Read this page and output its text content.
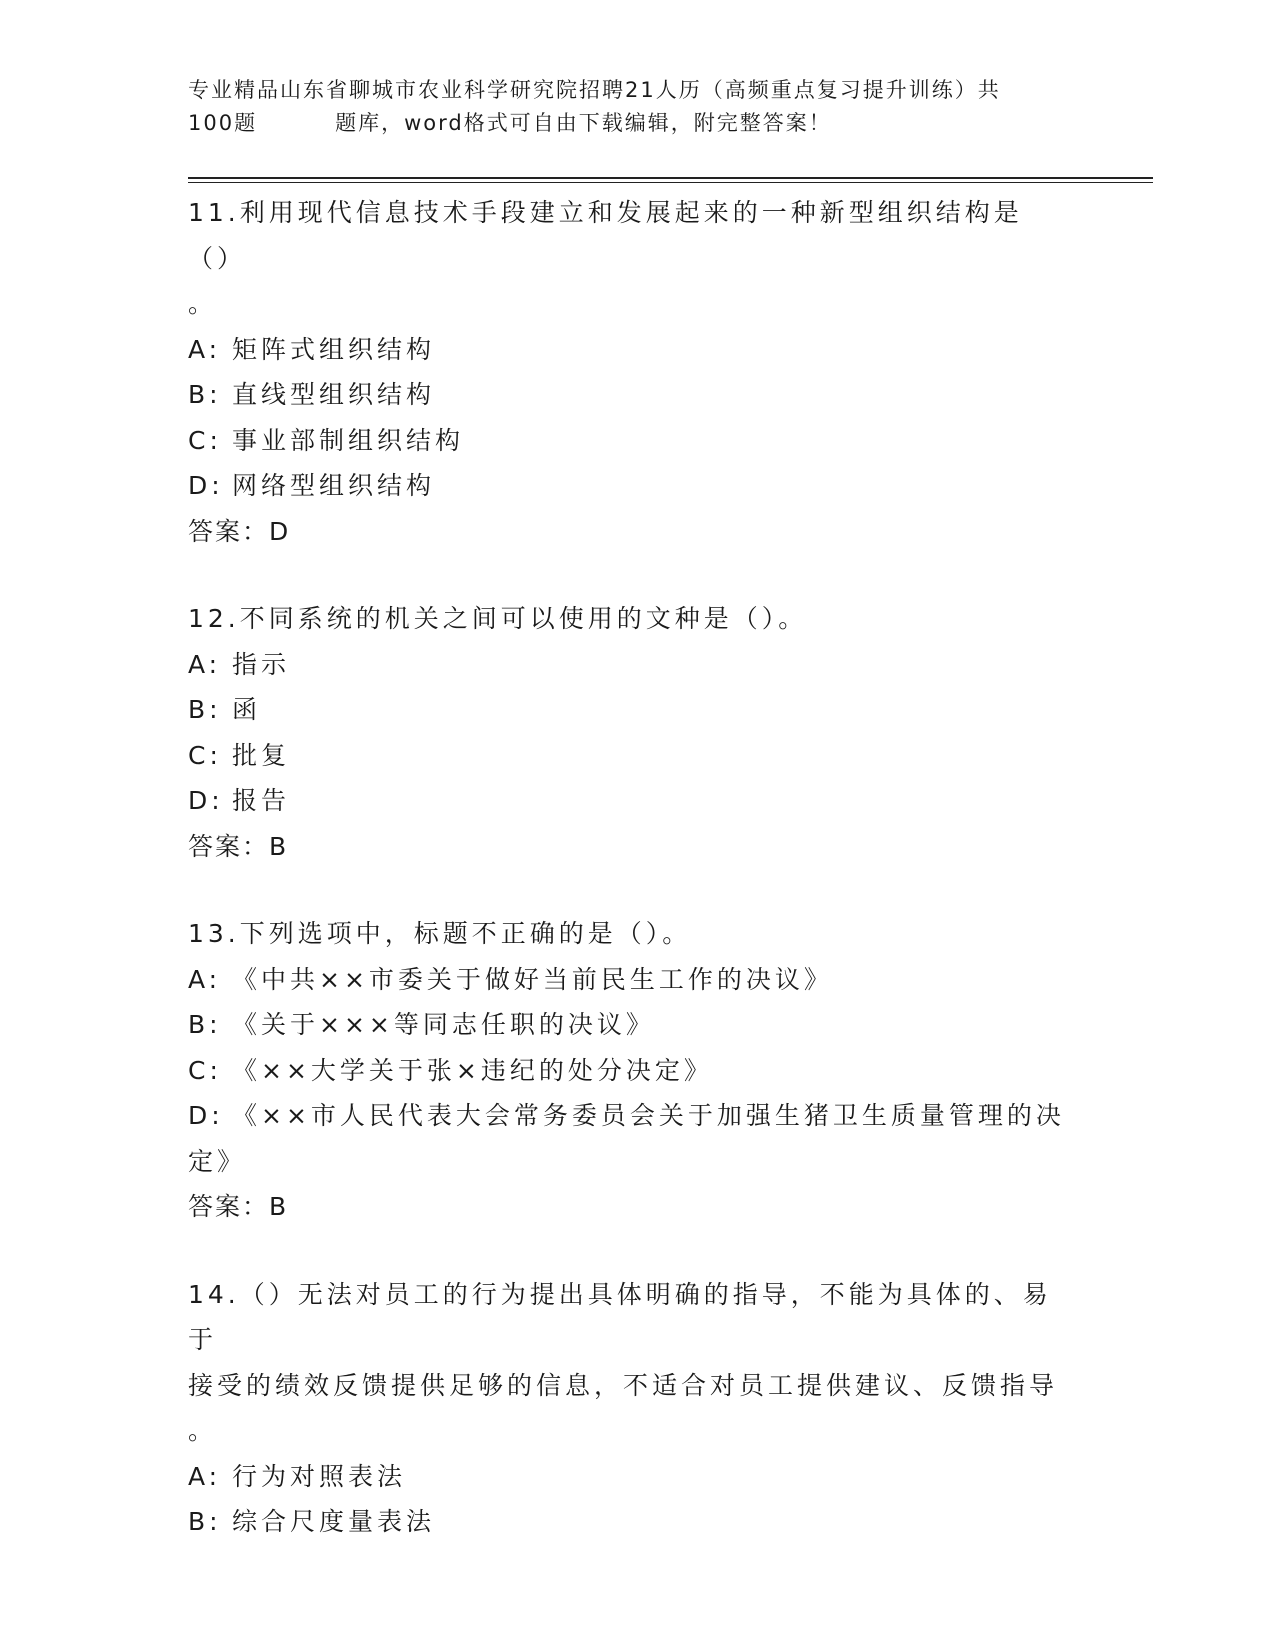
专业精品山东省聊城市农业科学研究院招聘21人历（高频重点复习提升训练）共
100题	题库，word格式可自由下载编辑，附完整答案！
11.利用现代信息技术手段建立和发展起来的一种新型组织结构是（）
。
A: 矩阵式组织结构
B: 直线型组织结构
C: 事业部制组织结构
D: 网络型组织结构
答案：D
12.不同系统的机关之间可以使用的文种是（）。
A: 指示
B: 函
C: 批复
D: 报告
答案：B
13.下列选项中，标题不正确的是（）。
A: 《中共××市委关于做好当前民生工作的决议》
B: 《关于×××等同志任职的决议》
C: 《××大学关于张×违纪的处分决定》
D: 《××市人民代表大会常务委员会关于加强生猪卫生质量管理的决
定》
答案：B
14.（）无法对员工的行为提出具体明确的指导，不能为具体的、易于
接受的绩效反馈提供足够的信息，不适合对员工提供建议、反馈指导
。
A: 行为对照表法
B: 综合尺度量表法
